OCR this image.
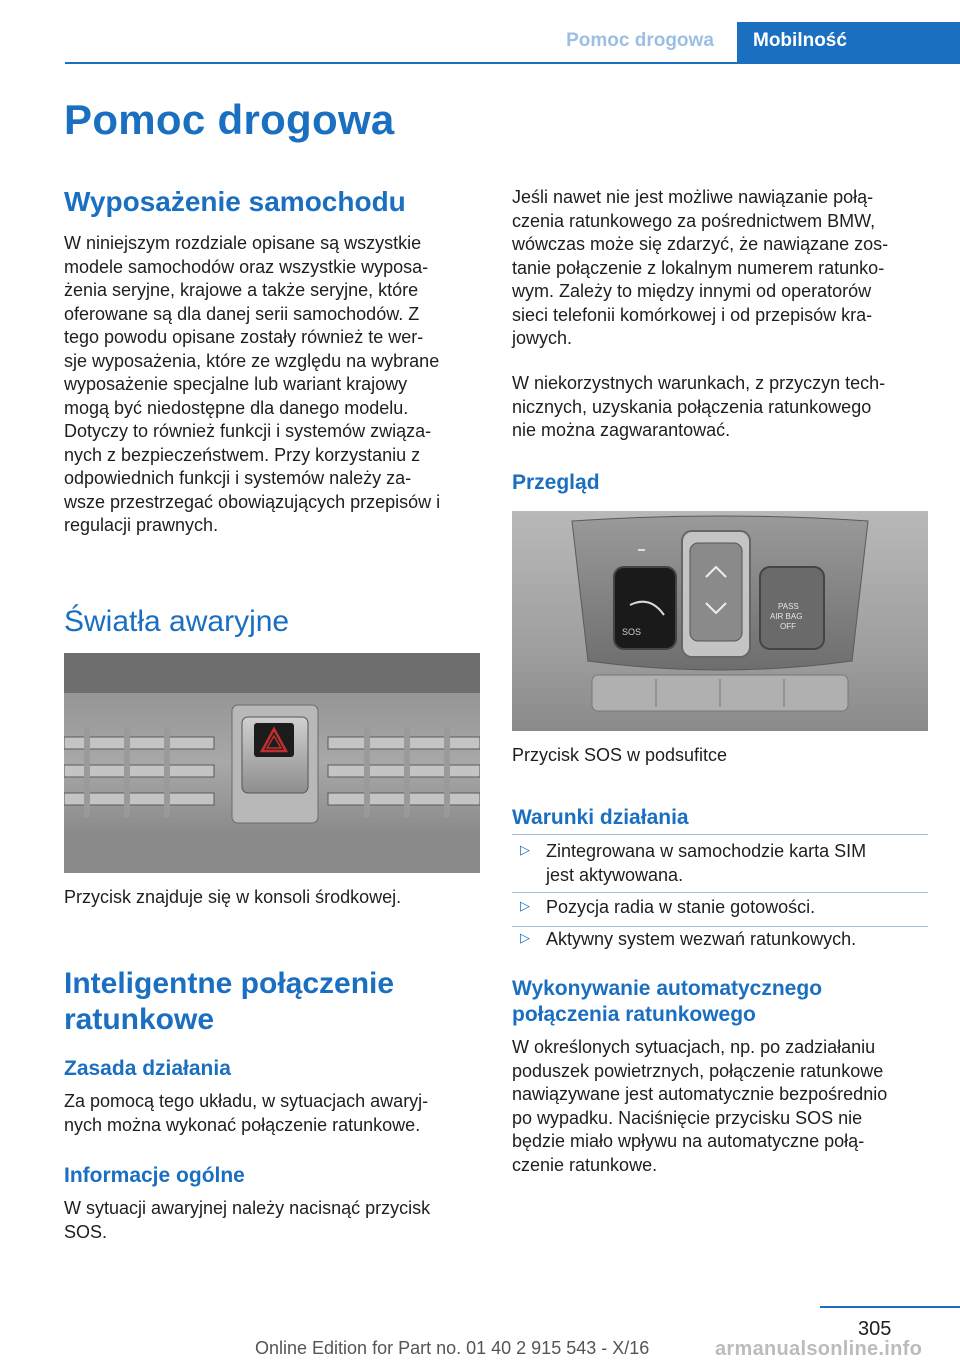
Pomoc drogowa	Mobilność
Pomoc drogowa
Wyposażenie samochodu
W niniejszym rozdziale opisane są wszystkie
modele samochodów oraz wszystkie wyposa‐
żenia seryjne, krajowe a także seryjne, które
oferowane są dla danej serii samochodów. Z
tego powodu opisane zostały również te wer‐
sje wyposażenia, które ze względu na wybrane
wyposażenie specjalne lub wariant krajowy
mogą być niedostępne dla danego modelu.
Dotyczy to również funkcji i systemów związa‐
nych z bezpieczeństwem. Przy korzystaniu z
odpowiednich funkcji i systemów należy za‐
wsze przestrzegać obowiązujących przepisów i
regulacji prawnych.
Światła awaryjne
Przycisk znajduje się w konsoli środkowej.
Inteligentne połączenie
ratunkowe
Zasada działania
Za pomocą tego układu, w sytuacjach awaryj‐
nych można wykonać połączenie ratunkowe.
Informacje ogólne
W sytuacji awaryjnej należy nacisnąć przycisk
SOS.
Jeśli nawet nie jest możliwe nawiązanie połą‐
czenia ratunkowego za pośrednictwem BMW,
wówczas może się zdarzyć, że nawiązane zos‐
tanie połączenie z lokalnym numerem ratunko‐
wym. Zależy to między innymi od operatorów
sieci telefonii komórkowej i od przepisów kra‐
jowych.
W niekorzystnych warunkach, z przyczyn tech‐
nicznych, uzyskania połączenia ratunkowego
nie można zagwarantować.
Przegląd
SOS
PASS
AIR BAG
OFF
Przycisk SOS w podsufitce
Warunki działania
▷ Zintegrowana w samochodzie karta SIM
jest aktywowana.
▷ Pozycja radia w stanie gotowości.
▷ Aktywny system wezwań ratunkowych.
Wykonywanie automatycznego
połączenia ratunkowego
W określonych sytuacjach, np. po zadziałaniu
poduszek powietrznych, połączenie ratunkowe
nawiązywane jest automatycznie bezpośrednio
po wypadku. Naciśnięcie przycisku SOS nie
będzie miało wpływu na automatyczne połą‐
czenie ratunkowe.
305
Online Edition for Part no. 01 40 2 915 543 - X/16	armanualsonline.info
